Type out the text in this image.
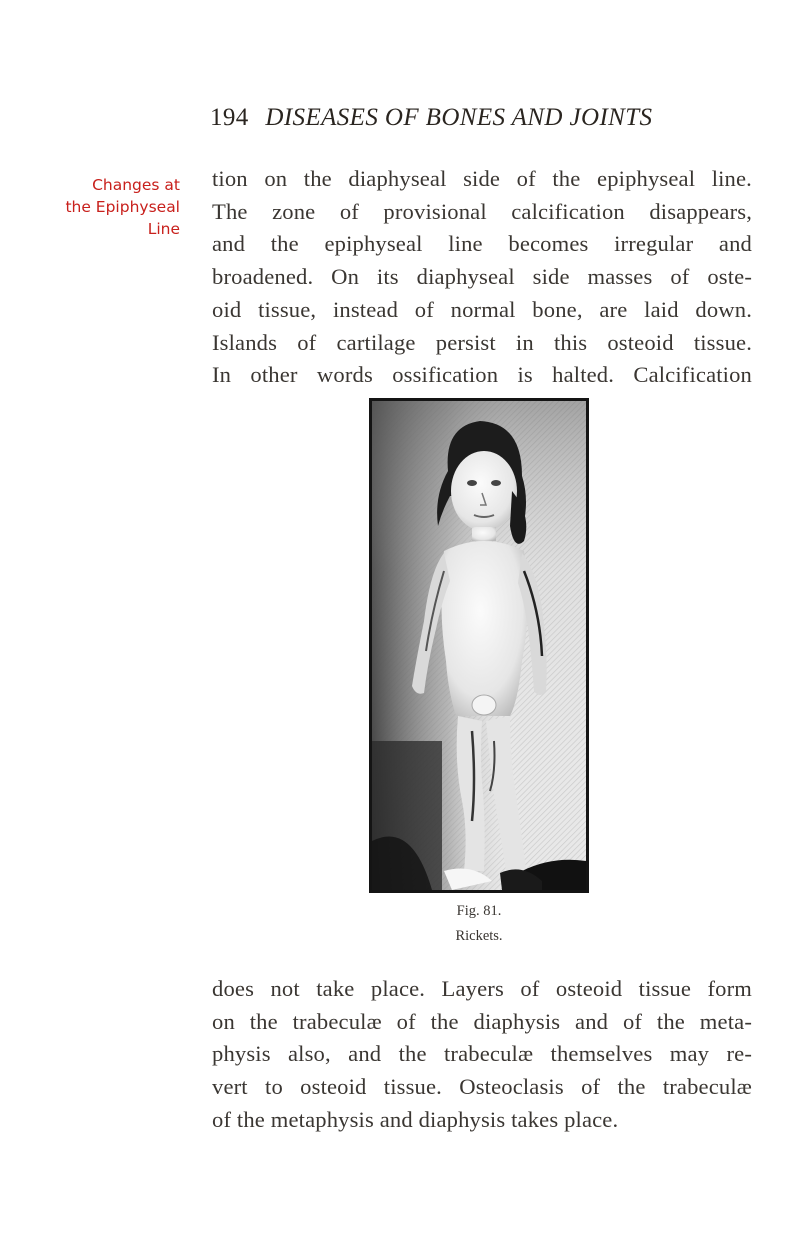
194 DISEASES OF BONES AND JOINTS
Changes at
the Epiphyseal
Line
tion on the diaphyseal side of the epiphyseal line.
The zone of provisional calcification disappears,
and the epiphyseal line becomes irregular and
broadened. On its diaphyseal side masses of oste-
oid tissue, instead of normal bone, are laid down.
Islands of cartilage persist in this osteoid tissue.
In other words ossification is halted. Calcification
Fig. 81.
Rickets.
does not take place. Layers of osteoid tissue form
on the trabeculæ of the diaphysis and of the meta-
physis also, and the trabeculæ themselves may re-
vert to osteoid tissue. Osteoclasis of the trabeculæ
of the metaphysis and diaphysis takes place.
